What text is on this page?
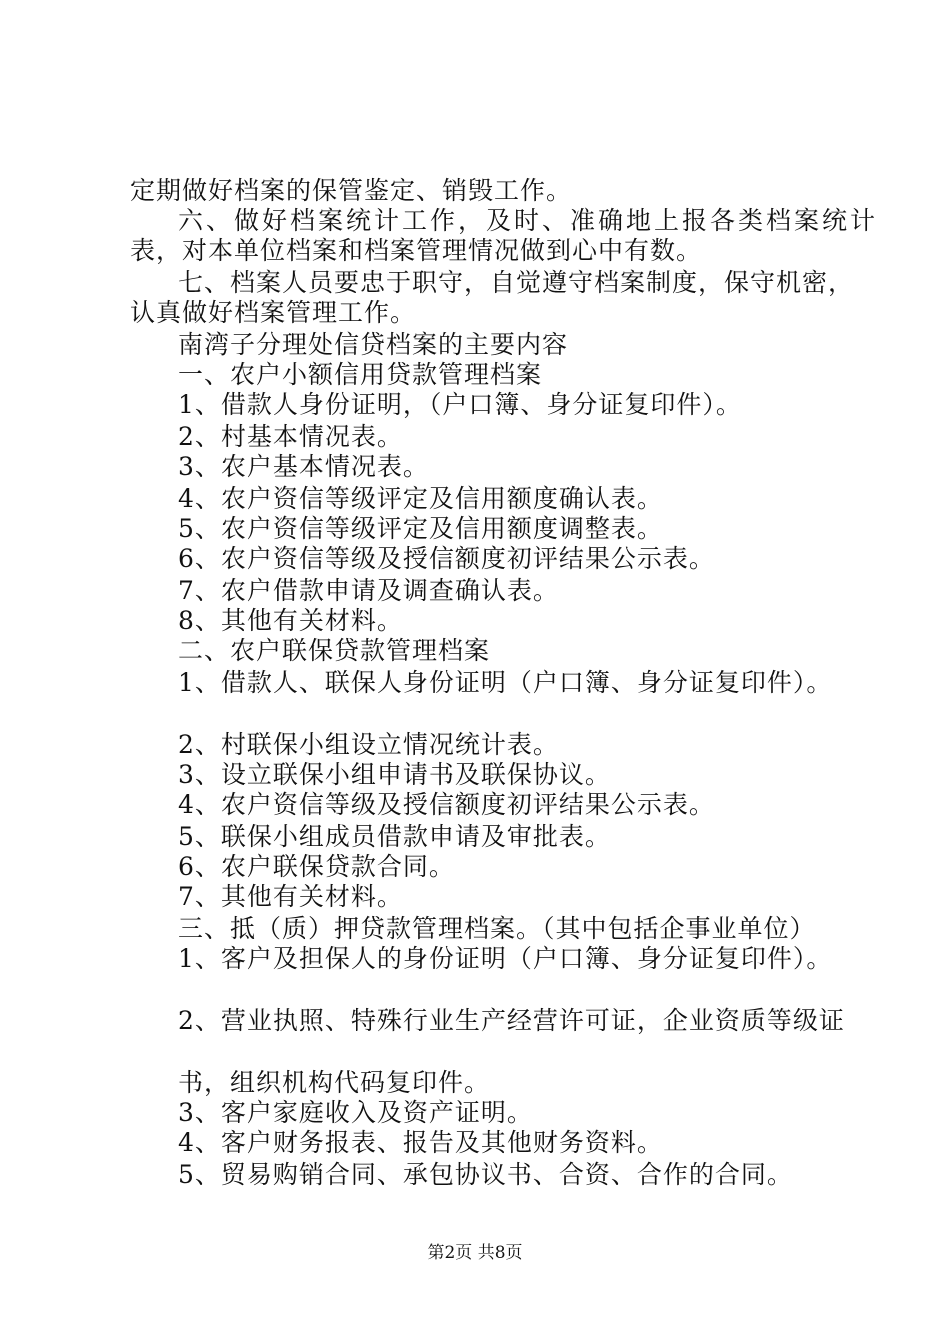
定期做好档案的保管鉴定、销毁工作。
六、做好档案统计工作，及时、准确地上报各类档案统计
表，对本单位档案和档案管理情况做到心中有数。
七、档案人员要忠于职守，自觉遵守档案制度，保守机密，
认真做好档案管理工作。
南湾子分理处信贷档案的主要内容
一、农户小额信用贷款管理档案
1、借款人身份证明，（户口簿、身分证复印件）。
2、村基本情况表。
3、农户基本情况表。
4、农户资信等级评定及信用额度确认表。
5、农户资信等级评定及信用额度调整表。
6、农户资信等级及授信额度初评结果公示表。
7、农户借款申请及调查确认表。
8、其他有关材料。
二、农户联保贷款管理档案
1、借款人、联保人身份证明（户口簿、身分证复印件）。
2、村联保小组设立情况统计表。
3、设立联保小组申请书及联保协议。
4、农户资信等级及授信额度初评结果公示表。
5、联保小组成员借款申请及审批表。
6、农户联保贷款合同。
7、其他有关材料。
三、抵（质）押贷款管理档案。（其中包括企事业单位）
1、客户及担保人的身份证明（户口簿、身分证复印件）。
2、营业执照、特殊行业生产经营许可证，企业资质等级证
书，组织机构代码复印件。
3、客户家庭收入及资产证明。
4、客户财务报表、报告及其他财务资料。
5、贸易购销合同、承包协议书、合资、合作的合同。
第2页 共8页
